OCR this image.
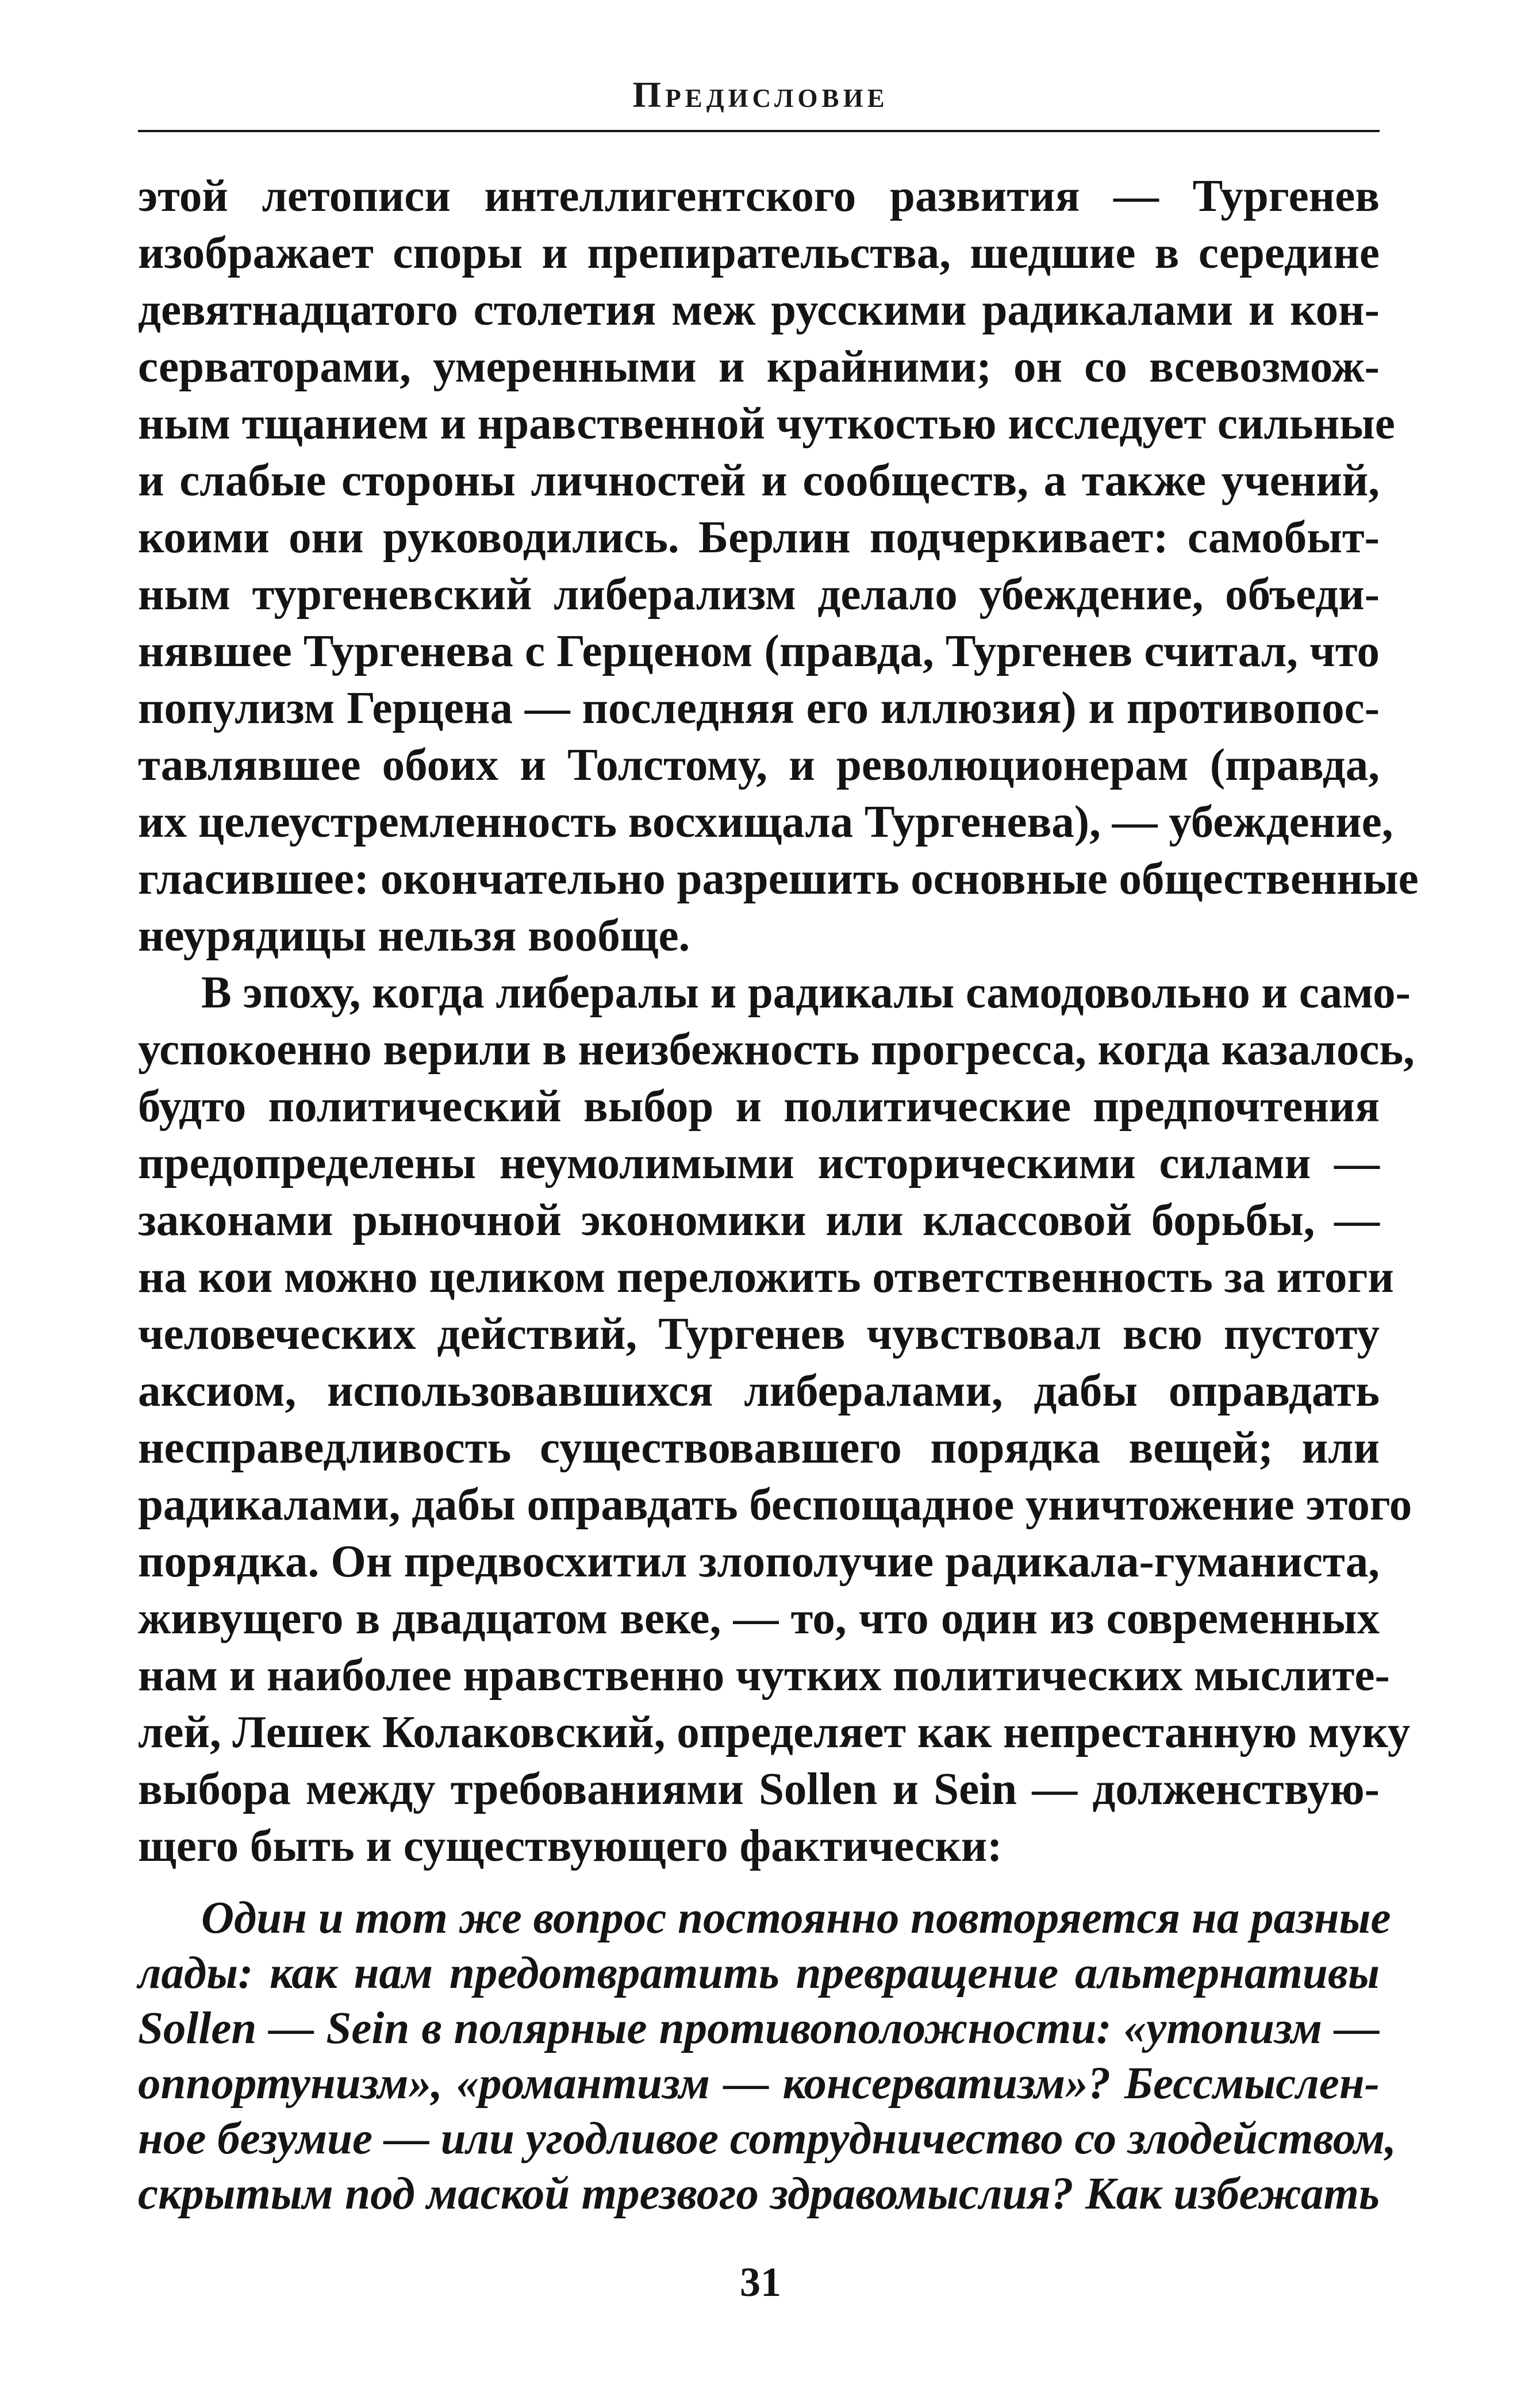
Предисловие
этой летописи интеллигентского развития — Тургенев
изображает споры и препирательства, шедшие в середине
девятнадцатого столетия меж русскими радикалами и кон-
серваторами, умеренными и крайними; он со всевозмож-
ным тщанием и нравственной чуткостью исследует сильные
и слабые стороны личностей и сообществ, а также учений,
коими они руководились. Берлин подчеркивает: самобыт-
ным тургеневский либерализм делало убеждение, объеди-
нявшее Тургенева с Герценом (правда, Тургенев считал, что
популизм Герцена — последняя его иллюзия) и противопос-
тавлявшее обоих и Толстому, и революционерам (правда,
их целеустремленность восхищала Тургенева), — убеждение,
гласившее: окончательно разрешить основные общественные
неурядицы нельзя вообще.
В эпоху, когда либералы и радикалы самодовольно и само-
успокоенно верили в неизбежность прогресса, когда казалось,
будто политический выбор и политические предпочтения
предопределены неумолимыми историческими силами —
законами рыночной экономики или классовой борьбы, —
на кои можно целиком переложить ответственность за итоги
человеческих действий, Тургенев чувствовал всю пустоту
аксиом, использовавшихся либералами, дабы оправдать
несправедливость существовавшего порядка вещей; или
радикалами, дабы оправдать беспощадное уничтожение этого
порядка. Он предвосхитил злополучие радикала-гуманиста,
живущего в двадцатом веке, — то, что один из современных
нам и наиболее нравственно чутких политических мыслите-
лей, Лешек Колаковский, определяет как непрестанную муку
выбора между требованиями Sollen и Sein — долженствую-
щего быть и существующего фактически:
Один и тот же вопрос постоянно повторяется на разные
лады: как нам предотвратить превращение альтернативы
Sollen — Sein в полярные противоположности: «утопизм —
оппортунизм», «романтизм — консерватизм»? Бессмыслен-
ное безумие — или угодливое сотрудничество со злодейством,
скрытым под маской трезвого здравомыслия? Как избежать
31
